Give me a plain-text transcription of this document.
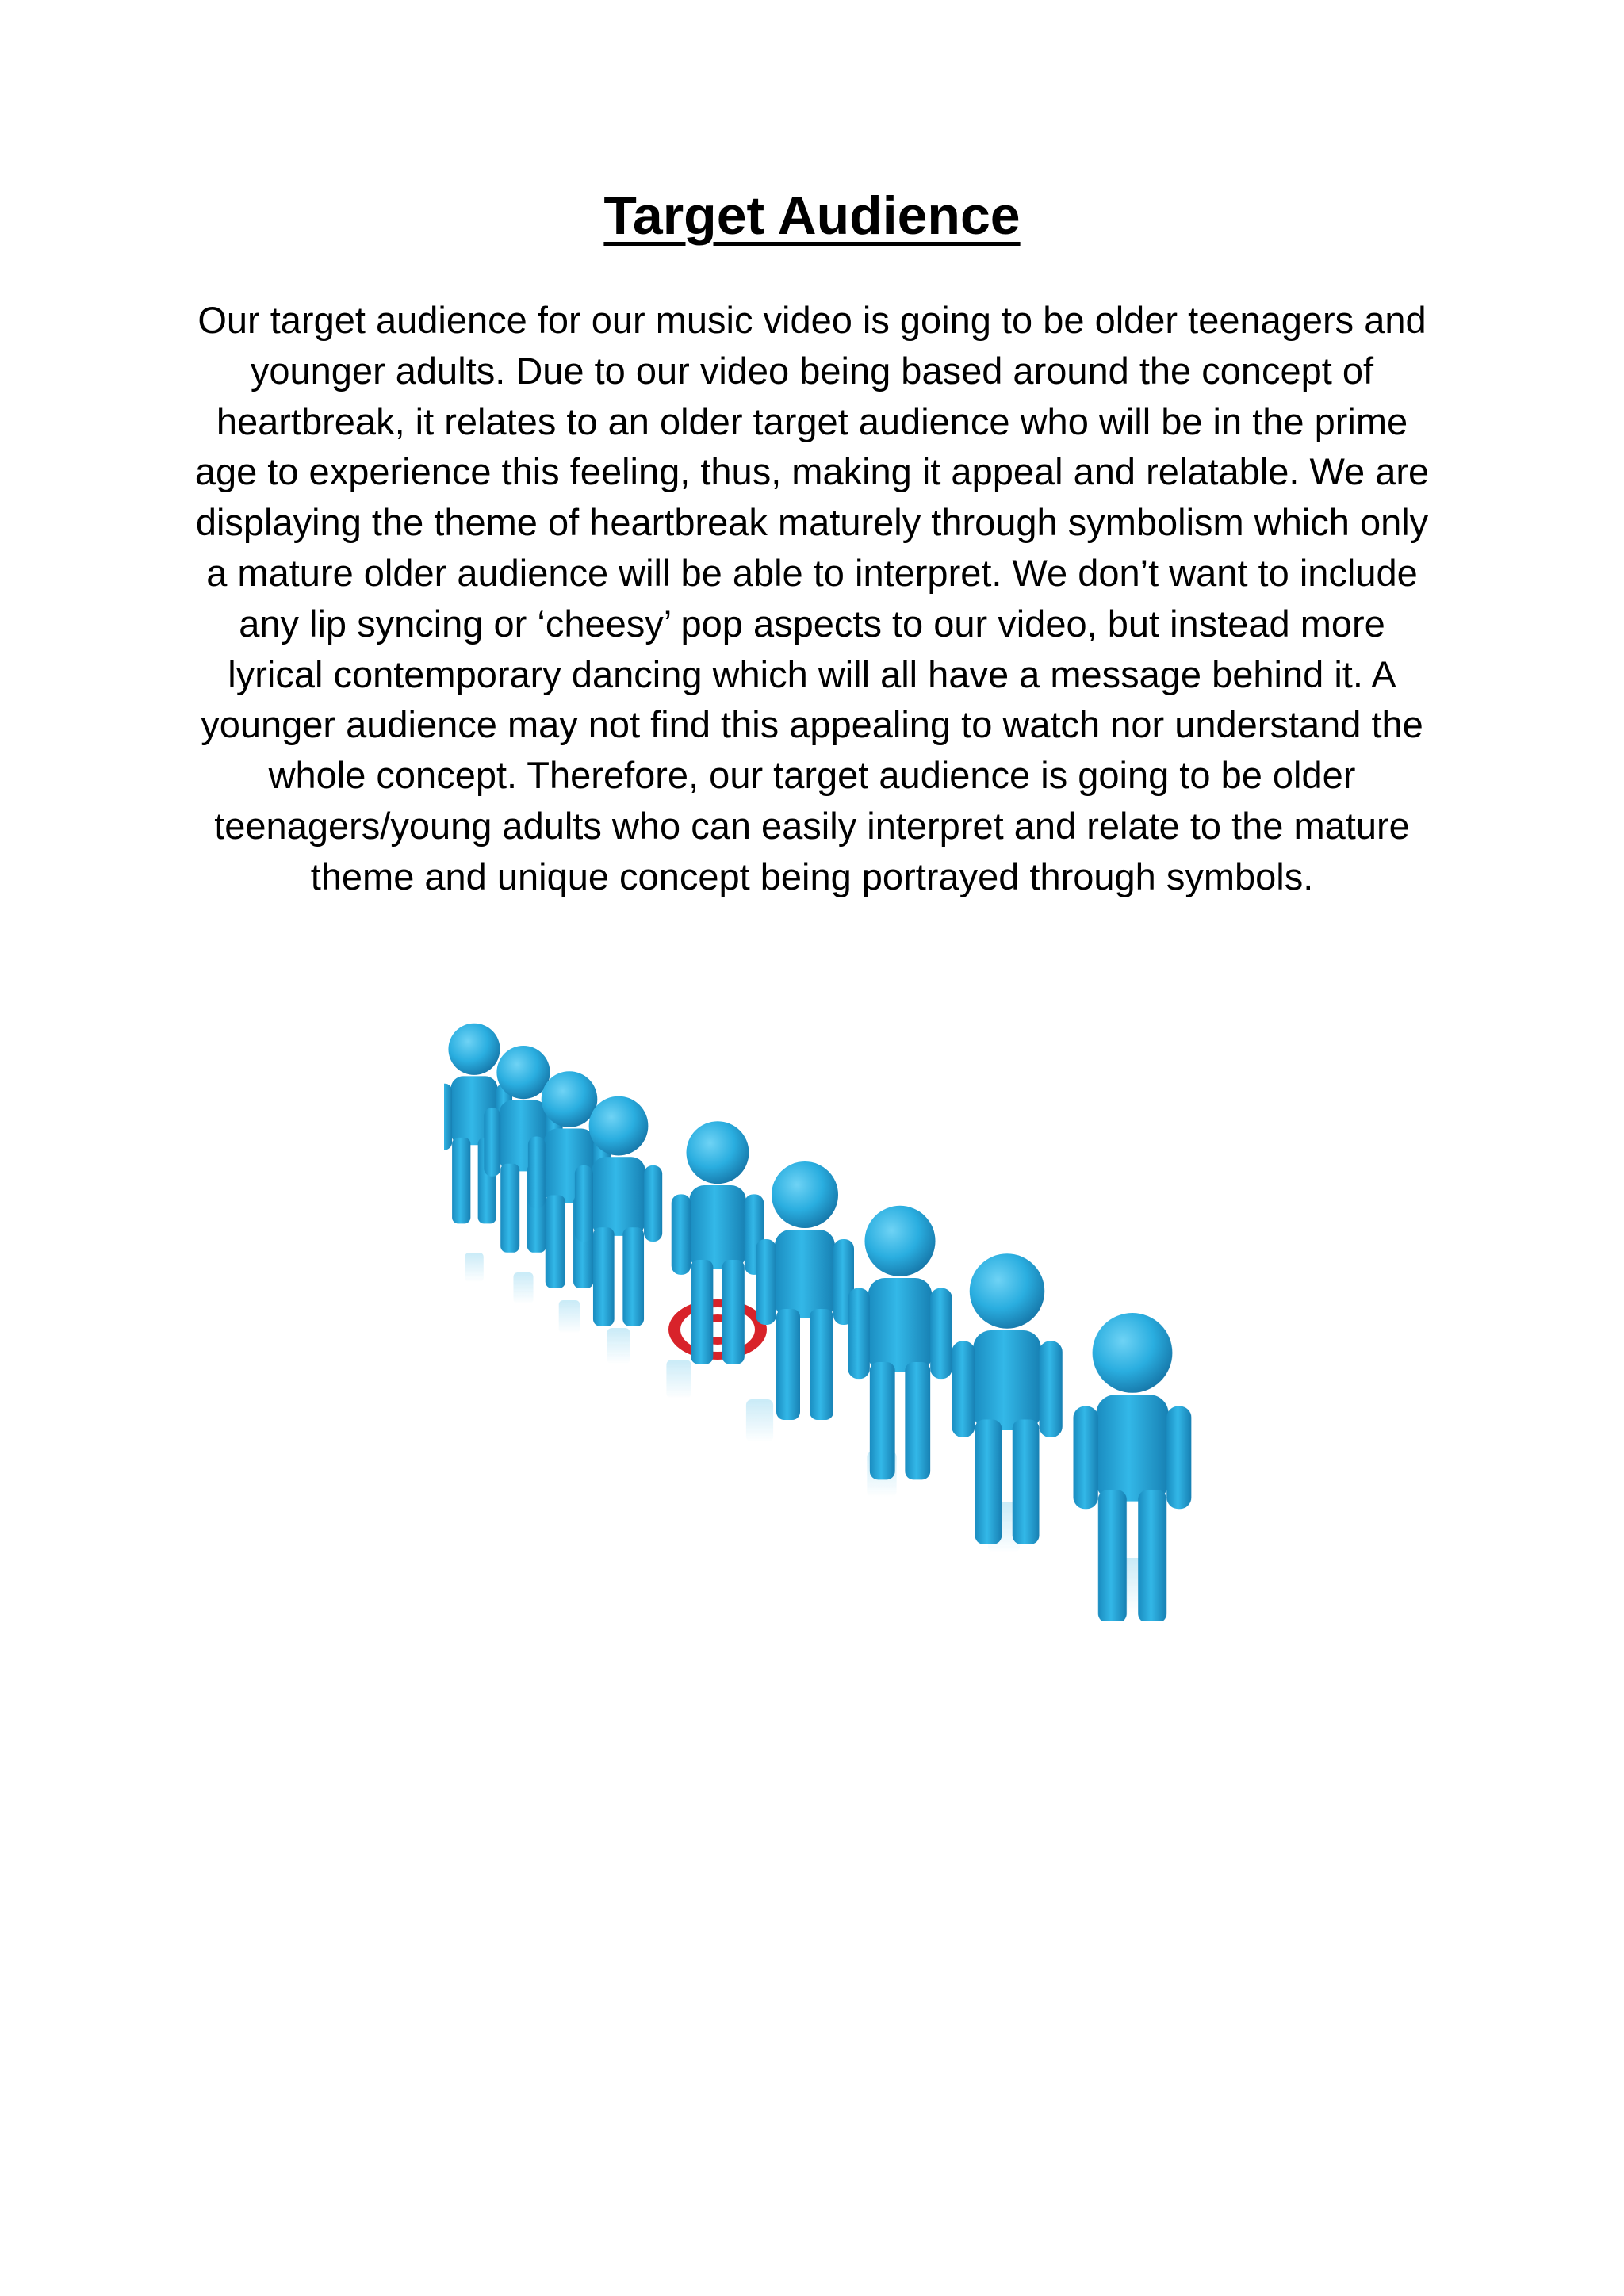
Target Audience

Our target audience for our music video is going to be older teenagers and younger adults. Due to our video being based around the concept of heartbreak, it relates to an older target audience who will be in the prime age to experience this feeling, thus, making it appeal and relatable. We are displaying the theme of heartbreak maturely through symbolism which only a mature older audience will be able to interpret. We don’t want to include any lip syncing or ‘cheesy’ pop aspects to our video, but instead more lyrical contemporary dancing which will all have a message behind it. A younger audience may not find this appealing to watch nor understand the whole concept. Therefore, our target audience is going to be older teenagers/young adults who can easily interpret and relate to the mature theme and unique concept being portrayed through symbols.
